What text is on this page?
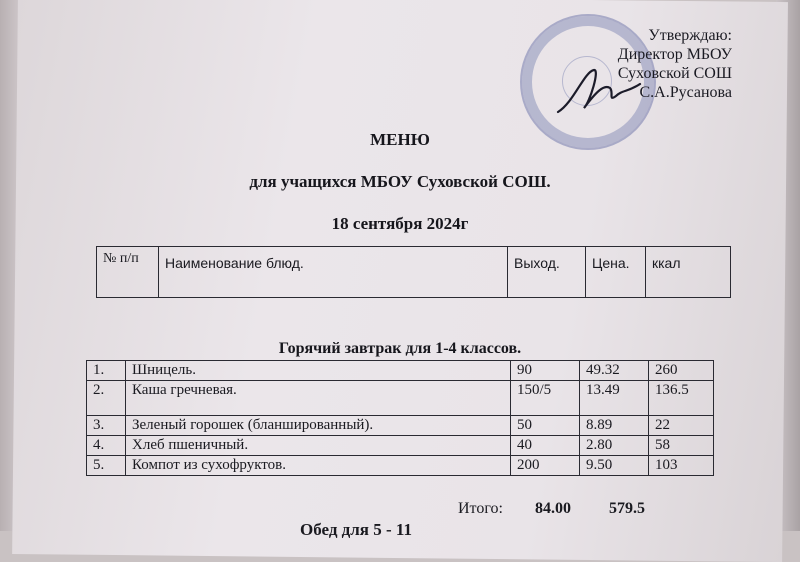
Утверждаю:
Директор МБОУ
Суховской СОШ
С.А.Русанова
МЕНЮ
для учащихся МБОУ Суховской СОШ.
18 сентября 2024г
№ п/п	Наименование блюд.	Выход.	Цена.	ккал
Горячий завтрак для 1-4 классов.
1.	Шницель.	90	49.32	260
2.	Каша гречневая.	150/5	13.49	136.5
3.	Зеленый горошек (бланшированный).	50	8.89	22
4.	Хлеб пшеничный.	40	2.80	58
5.	Компот из сухофруктов.	200	9.50	103
Итого: 84.00 579.5
Обед для 5 - 11
